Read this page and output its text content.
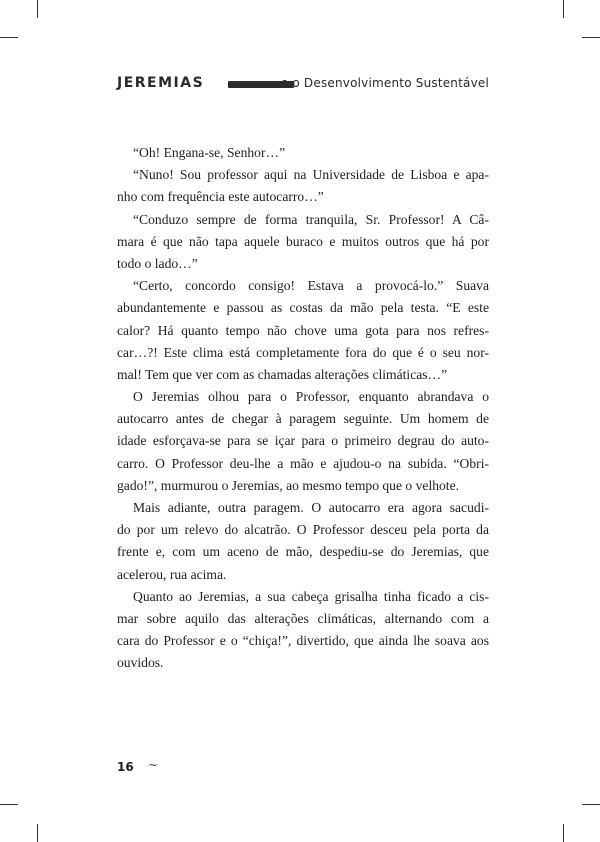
JEREMIAS	e o Desenvolvimento Sustentável
“Oh! Engana-se, Senhor…”
“Nuno! Sou professor aqui na Universidade de Lisboa e apa-
nho com frequência este autocarro…”
“Conduzo sempre de forma tranquila, Sr. Professor! A Câ-
mara é que não tapa aquele buraco e muitos outros que há por
todo o lado…”
“Certo, concordo consigo! Estava a provocá-lo.” Suava
abundantemente e passou as costas da mão pela testa. “E este
calor? Há quanto tempo não chove uma gota para nos refres-
car…?! Este clima está completamente fora do que é o seu nor-
mal! Tem que ver com as chamadas alterações climáticas…”
O Jeremias olhou para o Professor, enquanto abrandava o
autocarro antes de chegar à paragem seguinte. Um homem de
idade esforçava-se para se içar para o primeiro degrau do auto-
carro. O Professor deu-lhe a mão e ajudou-o na subida. “Obri-
gado!”, murmurou o Jeremias, ao mesmo tempo que o velhote.
Mais adiante, outra paragem. O autocarro era agora sacudi-
do por um relevo do alcatrão. O Professor desceu pela porta da
frente e, com um aceno de mão, despediu-se do Jeremias, que
acelerou, rua acima.
Quanto ao Jeremias, a sua cabeça grisalha tinha ficado a cis-
mar sobre aquilo das alterações climáticas, alternando com a
cara do Professor e o “chiça!”, divertido, que ainda lhe soava aos
ouvidos.
16 ~
